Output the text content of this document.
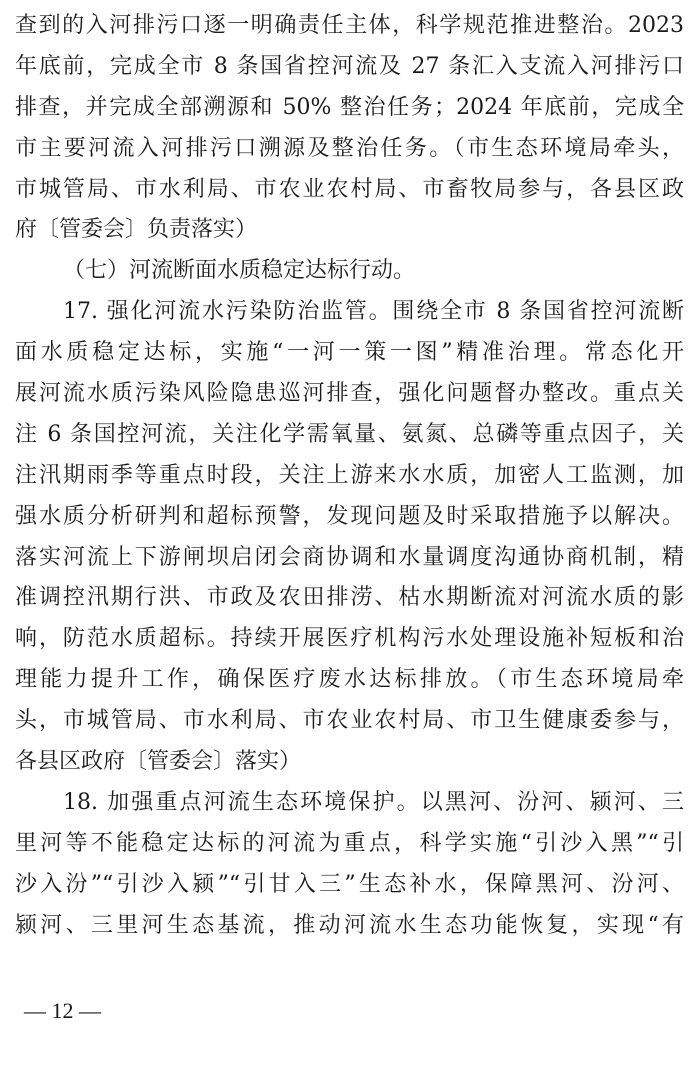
查到的入河排污口逐一明确责任主体，科学规范推进整治。2023
年底前，完成全市 8 条国省控河流及 27 条汇入支流入河排污口
排查，并完成全部溯源和 50% 整治任务；2024 年底前，完成全
市主要河流入河排污口溯源及整治任务。（市生态环境局牵头，
市城管局、市水利局、市农业农村局、市畜牧局参与，各县区政
府〔管委会〕负责落实）
（七）河流断面水质稳定达标行动。
17. 强化河流水污染防治监管。围绕全市 8 条国省控河流断
面水质稳定达标，实施“一河一策一图”精准治理。常态化开
展河流水质污染风险隐患巡河排查，强化问题督办整改。重点关
注 6 条国控河流，关注化学需氧量、氨氮、总磷等重点因子，关
注汛期雨季等重点时段，关注上游来水水质，加密人工监测，加
强水质分析研判和超标预警，发现问题及时采取措施予以解决。
落实河流上下游闸坝启闭会商协调和水量调度沟通协商机制，精
准调控汛期行洪、市政及农田排涝、枯水期断流对河流水质的影
响，防范水质超标。持续开展医疗机构污水处理设施补短板和治
理能力提升工作，确保医疗废水达标排放。（市生态环境局牵
头，市城管局、市水利局、市农业农村局、市卫生健康委参与，
各县区政府〔管委会〕落实）
18. 加强重点河流生态环境保护。以黑河、汾河、颍河、三
里河等不能稳定达标的河流为重点，科学实施“引沙入黑”“引
沙入汾”“引沙入颍”“引甘入三”生态补水，保障黑河、汾河、
颍河、三里河生态基流，推动河流水生态功能恢复，实现“有
— 12 —
